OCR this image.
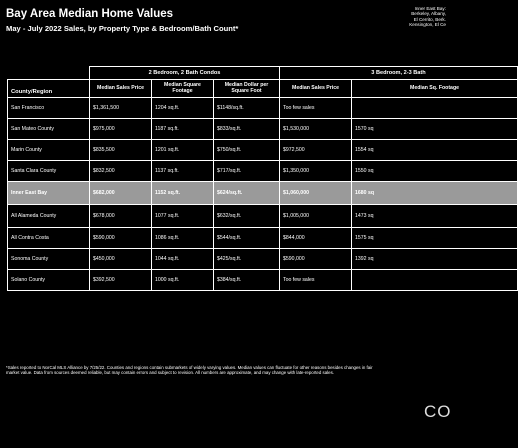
Bay Area Median Home Values
May - July 2022 Sales, by Property Type & Bedroom/Bath Count*
Inner East Bay:
Berkeley, Albany,
El Cerrito, Berk.
Kensington, El Ce
	2 Bedroom, 2 Bath Condos			3 Bedroom, 2-3 Bath	
County/Region	Median Sales Price	Median Square Footage	Median Dollar per Square Foot	Median Sales Price	Median Sq. Footage
San Francisco	$1,361,500	1204 sq.ft.	$1148/sq.ft.	Too few sales	
San Mateo County	$975,000	1187 sq.ft.	$833/sq.ft.	$1,530,000	1570 sq
Marin County	$835,500	1201 sq.ft.	$750/sq.ft.	$972,500	1554 sq
Santa Clara County	$832,500	1137 sq.ft.	$717/sq.ft.	$1,350,000	1550 sq
Inner East Bay	$682,000	1152 sq.ft.	$624/sq.ft.	$1,060,000	1680 sq
All Alameda County	$678,000	1077 sq.ft.	$632/sq.ft.	$1,005,000	1473 sq
All Contra Costa	$590,000	1086 sq.ft.	$544/sq.ft.	$844,000	1575 sq
Sonoma County	$450,000	1044 sq.ft.	$425/sq.ft.	$590,000	1392 sq
Solano County	$392,500	1000 sq.ft.	$384/sq.ft.	Too few sales	
*Sales reported to NorCal MLS Alliance by 7/25/22. Counties and regions contain submarkets of widely varying values. Median values can fluctuate for other reasons besides changes in fair market value. Data from sources deemed reliable, but may contain errors and subject to revision. All numbers are approximate, and may change with late-reported sales.
CO
